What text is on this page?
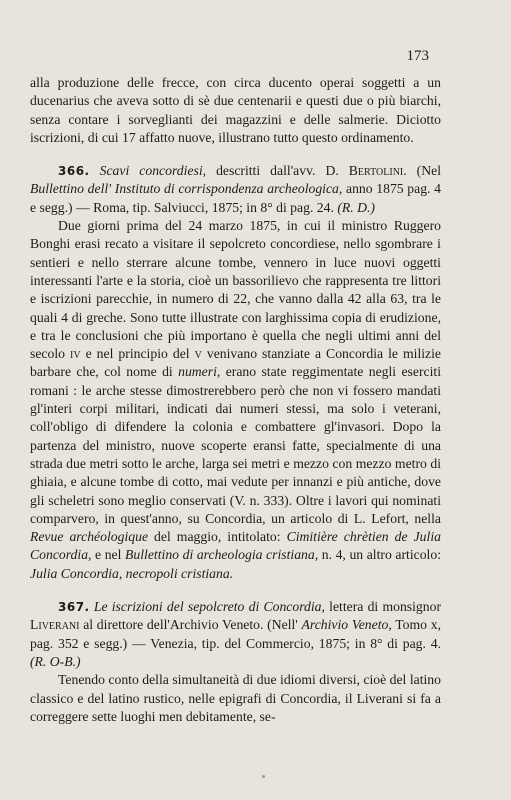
173

alla produzione delle frecce, con circa ducento operai soggetti a un ducenarius che aveva sotto di sè due centenarii e questi due o più biarchi, senza contare i sorveglianti dei magazzini e delle salmerie. Diciotto iscrizioni, di cui 17 affatto nuove, illustrano tutto questo ordinamento.

366. Scavi concordiesi, descritti dall'avv. D. Bertolini. (Nel Bullettino dell' Instituto di corrispondenza archeologica, anno 1875 pag. 4 e segg.) — Roma, tip. Salviucci, 1875; in 8° di pag. 24. (R. D.)

Due giorni prima del 24 marzo 1875, in cui il ministro Ruggero Bonghi erasi recato a visitare il sepolcreto concordiese, nello sgombrare i sentieri e nello sterrare alcune tombe, vennero in luce nuovi oggetti interessanti l'arte e la storia, cioè un bassorilievo che rappresenta tre littori e iscrizioni parecchie, in numero di 22, che vanno dalla 42 alla 63, tra le quali 4 di greche. Sono tutte illustrate con larghissima copia di erudizione, e tra le conclusioni che più importano è quella che negli ultimi anni del secolo iv e nel principio del v venivano stanziate a Concordia le milizie barbare che, col nome di numeri, erano state reggimentate negli eserciti romani : le arche stesse dimostrerebbero però che non vi fossero mandati gl'interi corpi militari, indicati dai numeri stessi, ma solo i veterani, coll'obligo di difendere la colonia e combattere gl'invasori. Dopo la partenza del ministro, nuove scoperte eransi fatte, specialmente di una strada due metri sotto le arche, larga sei metri e mezzo con mezzo metro di ghiaia, e alcune tombe di cotto, mai vedute per innanzi e più antiche, dove gli scheletri sono meglio conservati (V. n. 333). Oltre i lavori qui nominati comparvero, in quest'anno, su Concordia, un articolo di L. Lefort, nella Revue archéologique del maggio, intitolato: Cimitière chrètien de Julia Concordia, e nel Bullettino di archeologia cristiana, n. 4, un altro articolo: Julia Concordia, necropoli cristiana.

367. Le iscrizioni del sepolcreto di Concordia, lettera di monsignor Liverani al direttore dell'Archivio Veneto. (Nell' Archivio Veneto, Tomo x, pag. 352 e segg.) — Venezia, tip. del Commercio, 1875; in 8° di pag. 4. (R. O-B.)

Tenendo conto della simultaneità di due idiomi diversi, cioè del latino classico e del latino rustico, nelle epigrafi di Concordia, il Liverani si fa a correggere sette luoghi men debitamente, se-
